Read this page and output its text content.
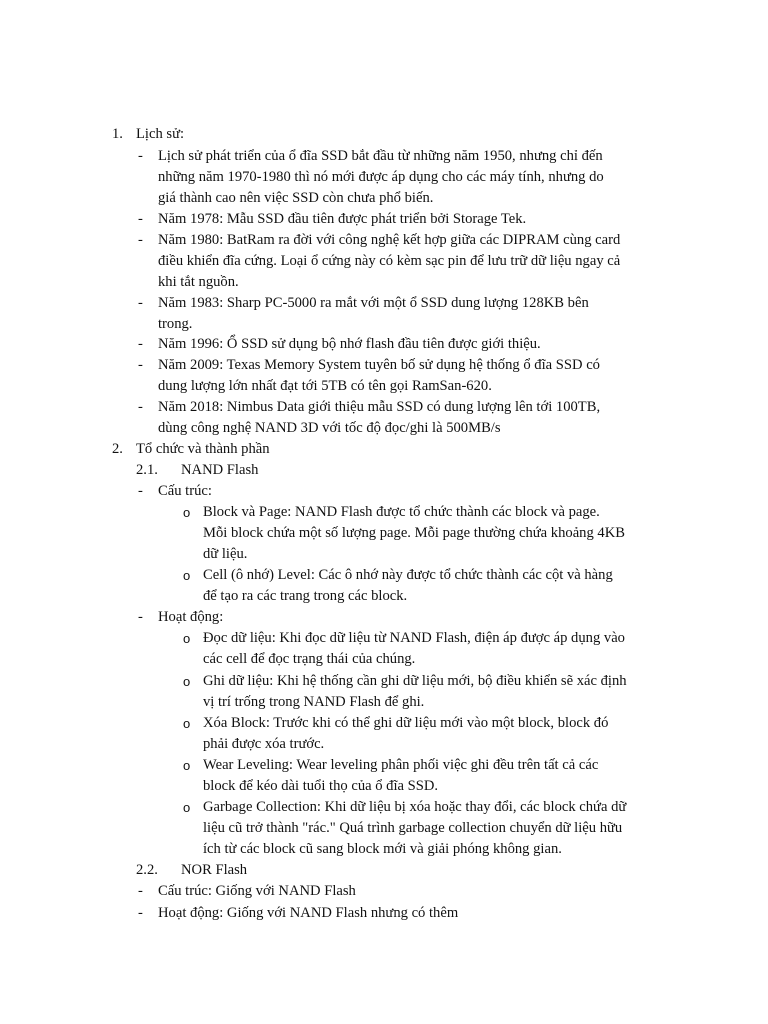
1. Lịch sử:
- Lịch sử phát triển của ổ đĩa SSD bắt đầu từ những năm 1950, nhưng chỉ đến
những năm 1970-1980 thì nó mới được áp dụng cho các máy tính, nhưng do
giá thành cao nên việc SSD còn chưa phổ biến.
- Năm 1978: Mẫu SSD đầu tiên được phát triển bởi Storage Tek.
- Năm 1980: BatRam ra đời với công nghệ kết hợp giữa các DIPRAM cùng card
điều khiển đĩa cứng. Loại ổ cứng này có kèm sạc pin để lưu trữ dữ liệu ngay cả
khi tắt nguồn.
- Năm 1983: Sharp PC-5000 ra mắt với một ổ SSD dung lượng 128KB bên
trong.
- Năm 1996: Ổ SSD sử dụng bộ nhớ flash đầu tiên được giới thiệu.
- Năm 2009: Texas Memory System tuyên bố sử dụng hệ thống ổ đĩa SSD có
dung lượng lớn nhất đạt tới 5TB có tên gọi RamSan-620.
- Năm 2018: Nimbus Data giới thiệu mẫu SSD có dung lượng lên tới 100TB,
dùng công nghệ NAND 3D với tốc độ đọc/ghi là 500MB/s
2. Tổ chức và thành phần
2.1. NAND Flash
- Cấu trúc:
o Block và Page: NAND Flash được tổ chức thành các block và page.
Mỗi block chứa một số lượng page. Mỗi page thường chứa khoảng 4KB
dữ liệu.
o Cell (ô nhớ) Level: Các ô nhớ này được tổ chức thành các cột và hàng
để tạo ra các trang trong các block.
- Hoạt động:
o Đọc dữ liệu: Khi đọc dữ liệu từ NAND Flash, điện áp được áp dụng vào
các cell để đọc trạng thái của chúng.
o Ghi dữ liệu: Khi hệ thống cần ghi dữ liệu mới, bộ điều khiển sẽ xác định
vị trí trống trong NAND Flash để ghi.
o Xóa Block: Trước khi có thể ghi dữ liệu mới vào một block, block đó
phải được xóa trước.
o Wear Leveling: Wear leveling phân phối việc ghi đều trên tất cả các
block để kéo dài tuổi thọ của ổ đĩa SSD.
o Garbage Collection: Khi dữ liệu bị xóa hoặc thay đổi, các block chứa dữ
liệu cũ trở thành "rác." Quá trình garbage collection chuyển dữ liệu hữu
ích từ các block cũ sang block mới và giải phóng không gian.
2.2. NOR Flash
- Cấu trúc: Giống với NAND Flash
- Hoạt động: Giống với NAND Flash nhưng có thêm
